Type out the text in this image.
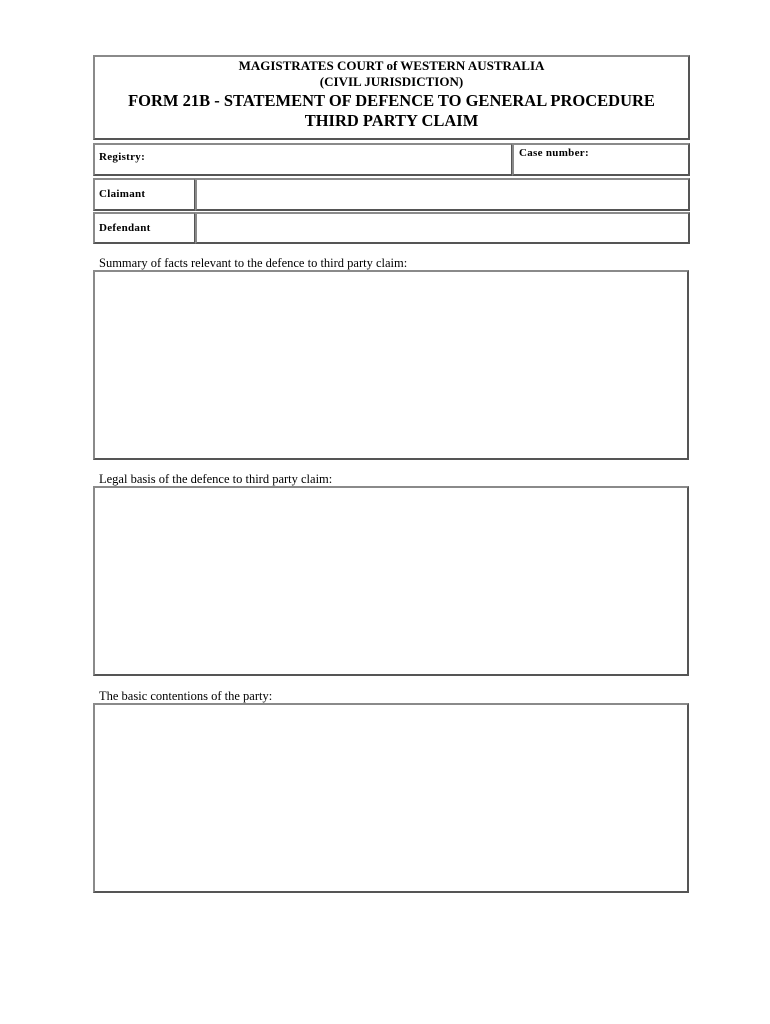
MAGISTRATES COURT of WESTERN AUSTRALIA
(CIVIL JURISDICTION)
FORM 21B - STATEMENT OF DEFENCE TO GENERAL PROCEDURE
THIRD PARTY CLAIM
Registry:	Case number:
Claimant
Defendant
Summary of facts relevant to the defence to third party claim:
Legal basis of the defence to third party claim:
The basic contentions of the party:
